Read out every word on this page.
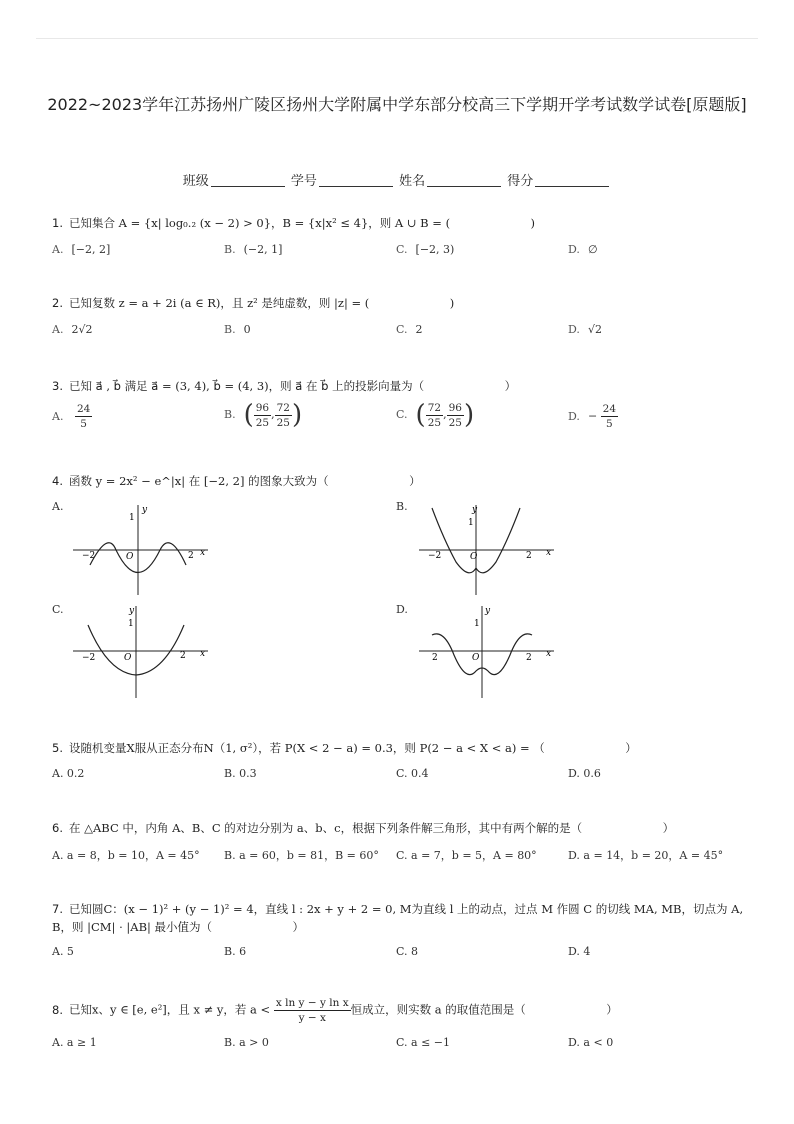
2022~2023学年江苏扬州广陵区扬州大学附属中学东部分校高三下学期开学考试数学试卷[原题版]
班级	学号	姓名	得分
1. 已知集合 A = {x| log₀.₂ (x − 2) > 0}，B = {x|x² ≤ 4}，则 A ∪ B = (　　　　　　　)
A. [−2, 2]	B. (−2, 1]	C. [−2, 3)	D. ∅
2. 已知复数 z = a + 2i (a ∈ R)，且 z² 是纯虚数，则 |z| = (　　　　　　　)
A. 2√2	B. 0	C. 2	D. √2
3. 已知 a⃗ , b⃗ 满足 a⃗ = (3, 4), b⃗ = (4, 3)，则 a⃗ 在 b⃗ 上的投影向量为（　　　　　　　）
A. $\frac{24}{5}$	B. ( $\frac{96}{25}$ , $\frac{72}{25}$ )	C. ( $\frac{72}{25}$ , $\frac{96}{25}$ )	D. − $\frac{24}{5}$
4. 函数 y = 2x² − e^|x| 在 [−2, 2] 的图象大致为（　　　　　　　）
A.	B.
C.	D.
x
y
1
O
−2	2	x
y
1
O
−2	2
x
y
1
O
−2	2	x
y
1
O
2	2
5. 设随机变量X服从正态分布N（1, σ²），若 P(X < 2 − a) = 0.3，则 P(2 − a < X < a) = （　　　　　　　）
A. 0.2	B. 0.3	C. 0.4	D. 0.6
6. 在 △ABC 中，内角 A、B、C 的对边分别为 a、b、c，根据下列条件解三角形，其中有两个解的是（　　　　　　　）
A. a = 8，b = 10，A = 45° B. a = 60，b = 81，B = 60° C. a = 7，b = 5，A = 80°	D. a = 14，b = 20，A = 45°
7. 已知圆C：(x − 1)² + (y − 1)² = 4，直线 l : 2x + y + 2 = 0, M为直线 l 上的动点，过点 M 作圆 C 的切线 MA, MB，切点为 A,
B，则 |CM| · |AB| 最小值为（　　　　　　　）
A. 5	B. 6	C. 8	D. 4
8. 已知x、y ∈ [e, e²]，且 x ≠ y，若 $a < \frac{\text{x ln y − y ln x}}{y - x}$ 恒成立，则实数 a 的取值范围是（　　　　　　　）
A. a ≥ 1	B. a > 0	C. a ≤ −1	D. a < 0
